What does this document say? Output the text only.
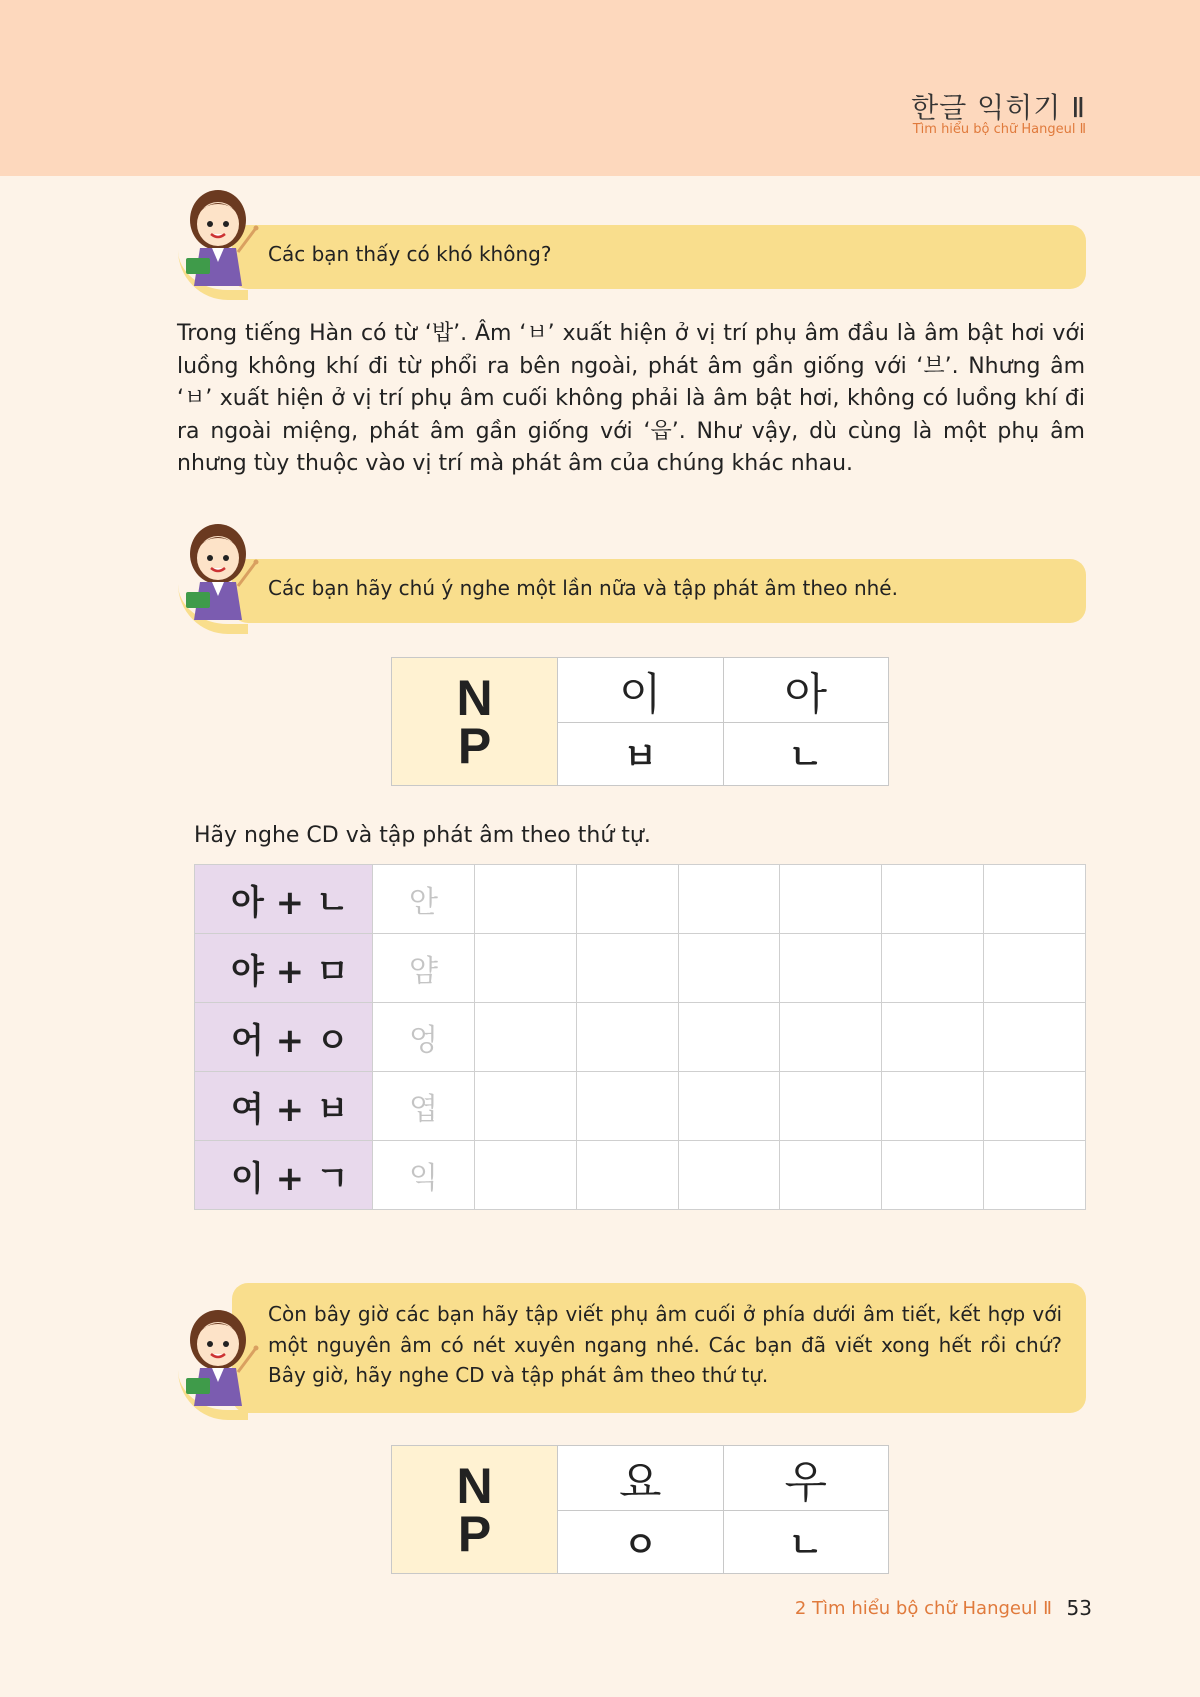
한글 익히기 Ⅱ
Tìm hiểu bộ chữ Hangeul Ⅱ
Các bạn thấy có khó không?
Trong tiếng Hàn có từ ‘밥’. Âm ‘ㅂ’ xuất hiện ở vị trí phụ âm đầu là âm bật hơi với luồng không khí đi từ phổi ra bên ngoài, phát âm gần giống với ‘브’. Nhưng âm ‘ㅂ’ xuất hiện ở vị trí phụ âm cuối không phải là âm bật hơi, không có luồng khí đi ra ngoài miệng, phát âm gần giống với ‘읍’. Như vậy, dù cùng là một phụ âm nhưng tùy thuộc vào vị trí mà phát âm của chúng khác nhau.
Các bạn hãy chú ý nghe một lần nữa và tập phát âm theo nhé.
N
P	이	아
	ㅂ	ㄴ
Hãy nghe CD và tập phát âm theo thứ tự.
아 + ㄴ	안						
야 + ㅁ	얌						
어 + ㅇ	엉						
여 + ㅂ	엽						
이 + ㄱ	익						
Còn bây giờ các bạn hãy tập viết phụ âm cuối ở phía dưới âm tiết, kết hợp với một nguyên âm có nét xuyên ngang nhé. Các bạn đã viết xong hết rồi chứ? Bây giờ, hãy nghe CD và tập phát âm theo thứ tự.
N
P	요	우
	ㅇ	ㄴ
2 Tìm hiểu bộ chữ Hangeul Ⅱ 53
